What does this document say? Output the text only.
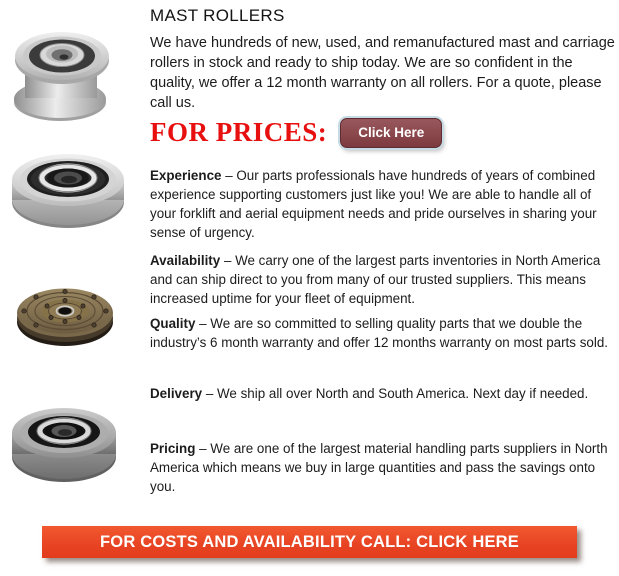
MAST ROLLERS

We have hundreds of new, used, and remanufactured mast and carriage rollers in stock and ready to ship today. We are so confident in the quality, we offer a 12 month warranty on all rollers. For a quote, please call us.

FOR PRICES:	Click Here

Experience – Our parts professionals have hundreds of years of combined experience supporting customers just like you! We are able to handle all of your forklift and aerial equipment needs and pride ourselves in sharing your sense of urgency.

Availability – We carry one of the largest parts inventories in North America and can ship direct to you from many of our trusted suppliers. This means increased uptime for your fleet of equipment.

Quality – We are so committed to selling quality parts that we double the industry’s 6 month warranty and offer 12 months warranty on most parts sold.

Delivery – We ship all over North and South America. Next day if needed.

Pricing – We are one of the largest material handling parts suppliers in North America which means we buy in large quantities and pass the savings onto you.

FOR COSTS AND AVAILABILITY CALL: CLICK HERE
